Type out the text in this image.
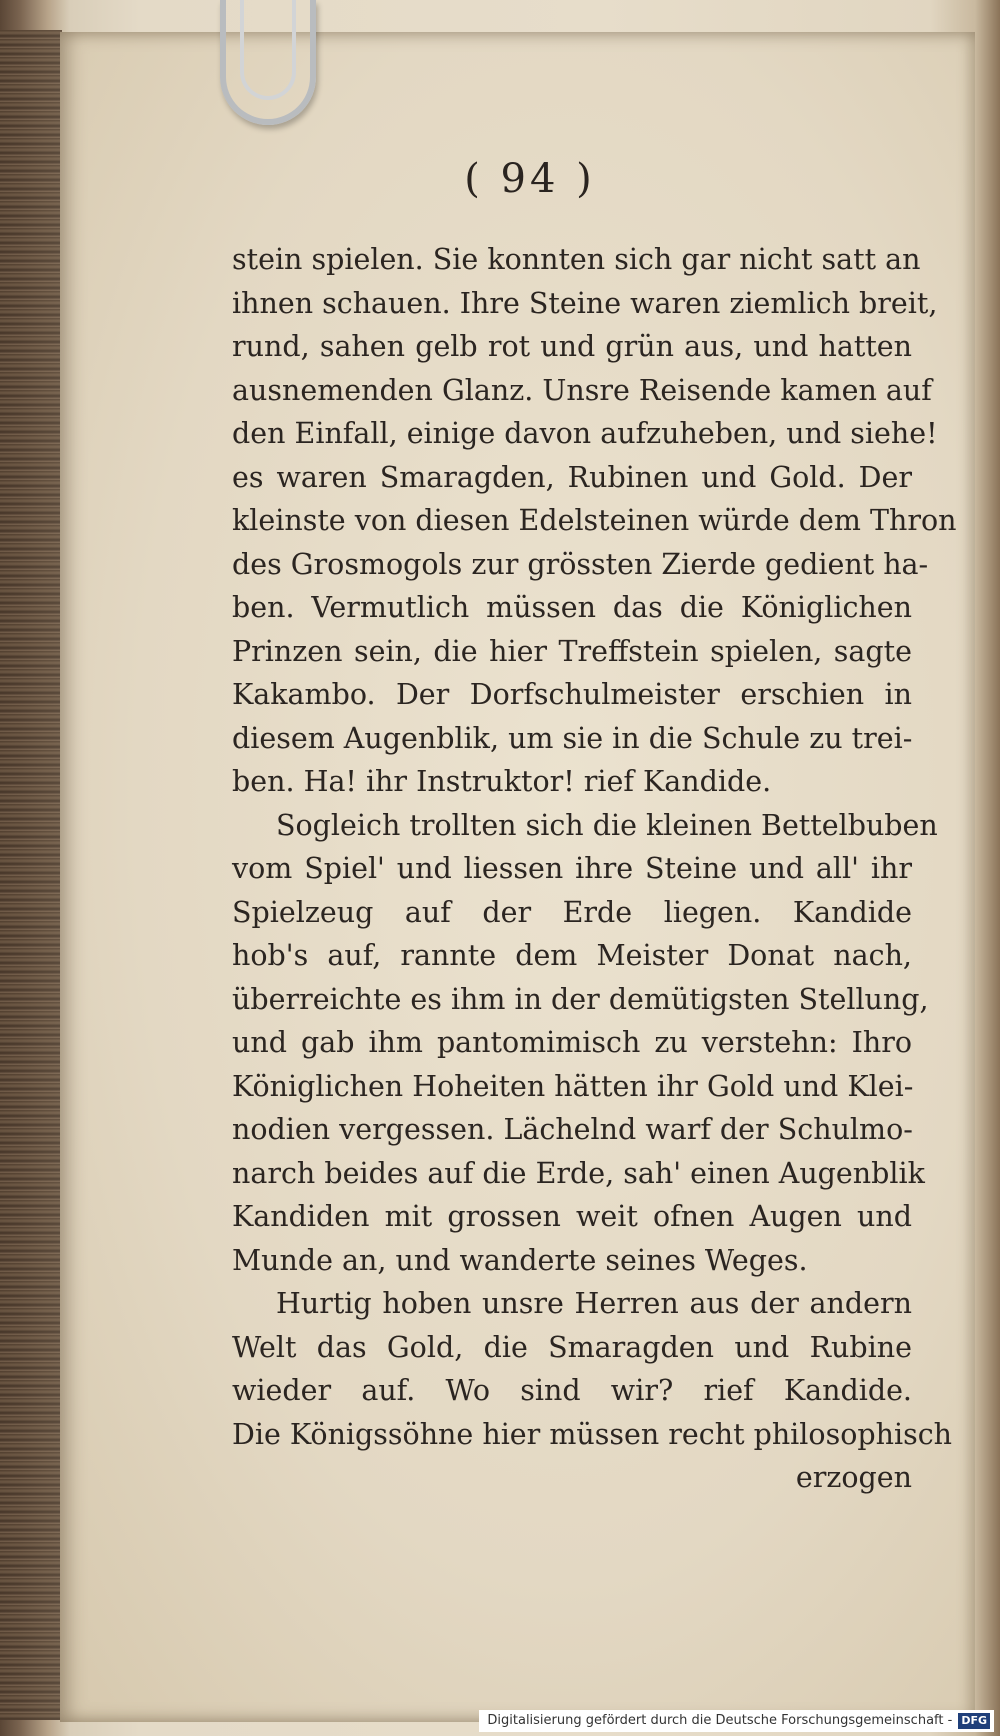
( 94 )
stein spielen. Sie konnten sich gar nicht satt an
ihnen schauen. Ihre Steine waren ziemlich breit,
rund, sahen gelb rot und grün aus, und hatten
ausnemenden Glanz. Unsre Reisende kamen auf
den Einfall, einige davon aufzuheben, und siehe!
es waren Smaragden, Rubinen und Gold. Der
kleinste von diesen Edelsteinen würde dem Thron
des Grosmogols zur grössten Zierde gedient ha-
ben. Vermutlich müssen das die Königlichen
Prinzen sein, die hier Treffstein spielen, sagte
Kakambo. Der Dorfschulmeister erschien in
diesem Augenblik, um sie in die Schule zu trei-
ben. Ha! ihr Instruktor! rief Kandide.
Sogleich trollten sich die kleinen Bettelbuben
vom Spiel' und liessen ihre Steine und all' ihr
Spielzeug auf der Erde liegen. Kandide
hob's auf, rannte dem Meister Donat nach,
überreichte es ihm in der demütigsten Stellung,
und gab ihm pantomimisch zu verstehn: Ihro
Königlichen Hoheiten hätten ihr Gold und Klei-
nodien vergessen. Lächelnd warf der Schulmo-
narch beides auf die Erde, sah' einen Augenblik
Kandiden mit grossen weit ofnen Augen und
Munde an, und wanderte seines Weges.
Hurtig hoben unsre Herren aus der andern
Welt das Gold, die Smaragden und Rubine
wieder auf. Wo sind wir? rief Kandide.
Die Königssöhne hier müssen recht philosophisch
erzogen
Digitalisierung gefördert durch die Deutsche Forschungsgemeinschaft - DFG
